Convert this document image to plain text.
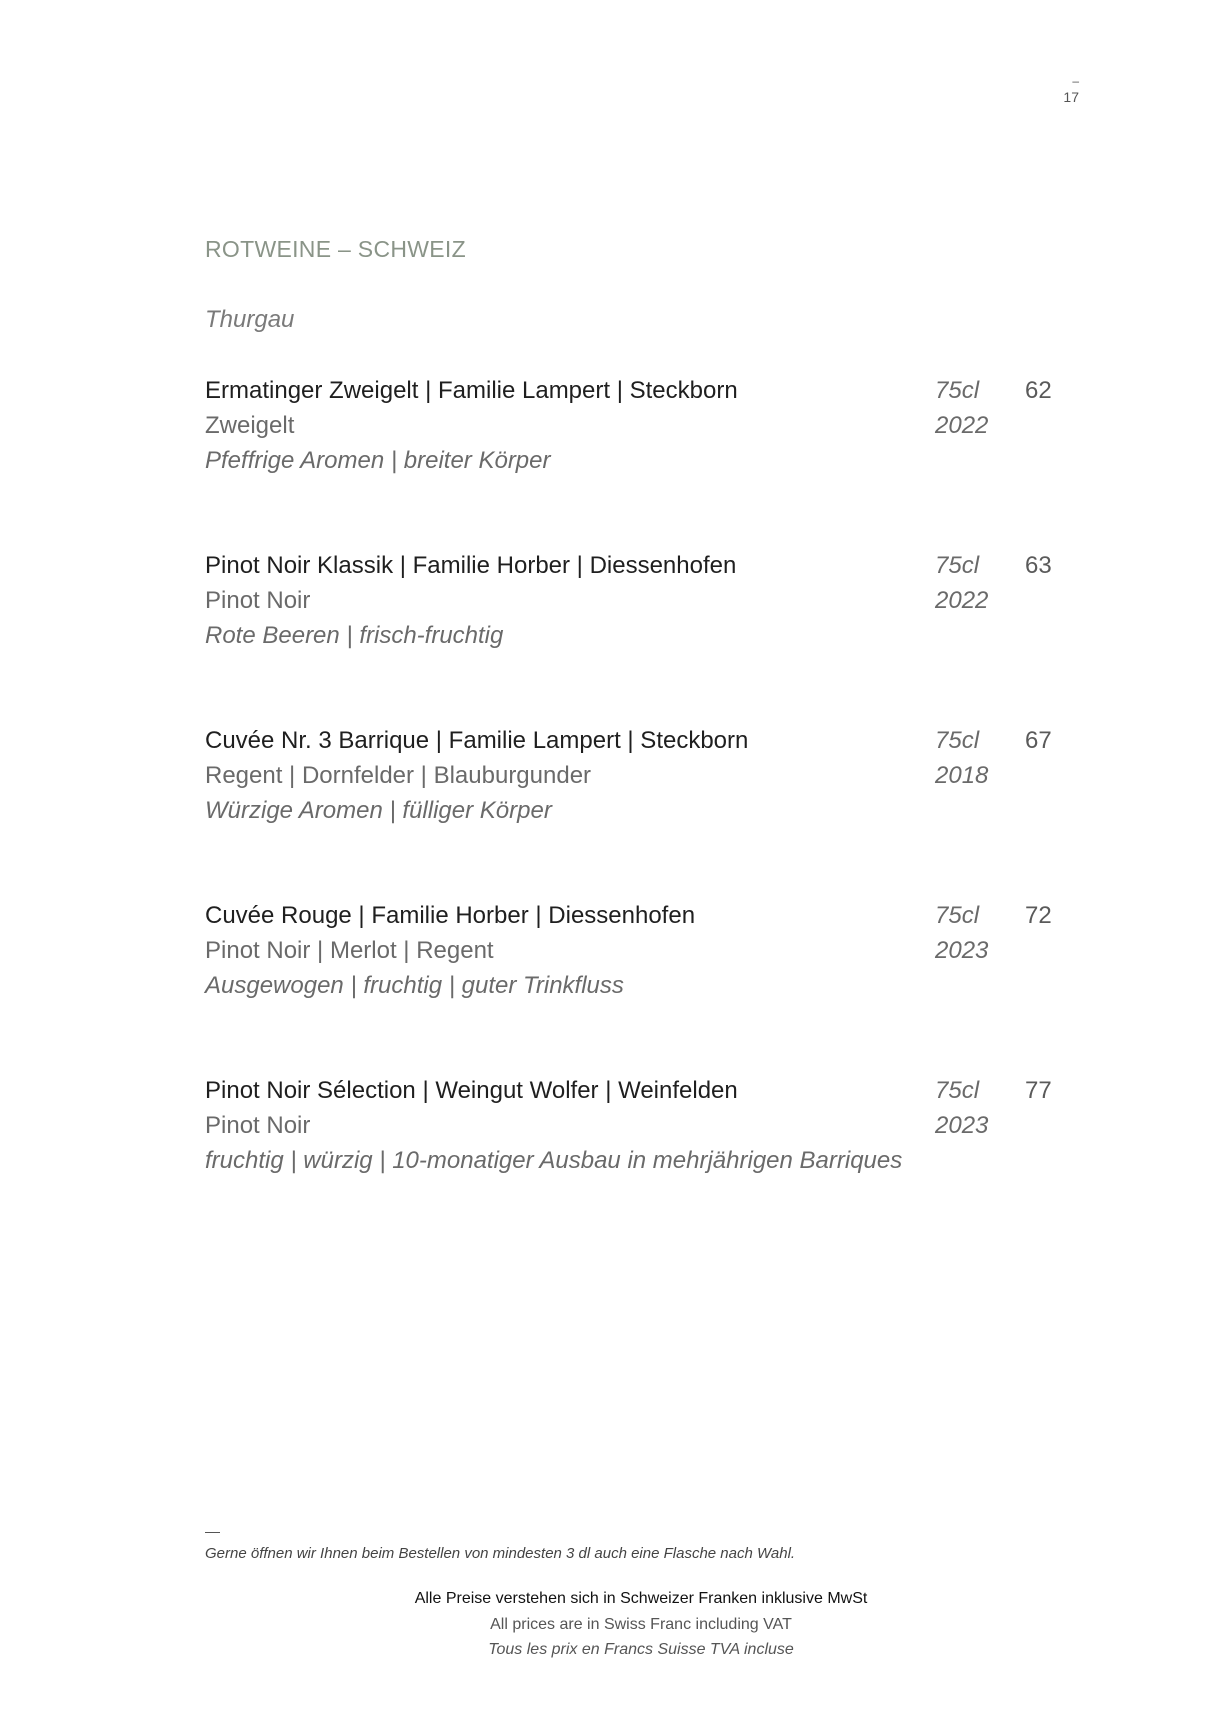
–
17
ROTWEINE – SCHWEIZ
Thurgau
Ermatinger Zweigelt | Familie Lampert | Steckborn
Zweigelt
Pfeffrige Aromen | breiter Körper
75cl
2022
62
Pinot Noir Klassik | Familie Horber | Diessenhofen
Pinot Noir
Rote Beeren | frisch-fruchtig
75cl
2022
63
Cuvée Nr. 3 Barrique | Familie Lampert | Steckborn
Regent | Dornfelder | Blauburgunder
Würzige Aromen | fülliger Körper
75cl
2018
67
Cuvée Rouge | Familie Horber | Diessenhofen
Pinot Noir | Merlot | Regent
Ausgewogen | fruchtig | guter Trinkfluss
75cl
2023
72
Pinot Noir Sélection | Weingut Wolfer | Weinfelden
Pinot Noir
fruchtig | würzig | 10-monatiger Ausbau in mehrjährigen Barriques
75cl
2023
77
Gerne öffnen wir Ihnen beim Bestellen von mindesten 3 dl auch eine Flasche nach Wahl.
Alle Preise verstehen sich in Schweizer Franken inklusive MwSt
All prices are in Swiss Franc including VAT
Tous les prix en Francs Suisse TVA incluse
